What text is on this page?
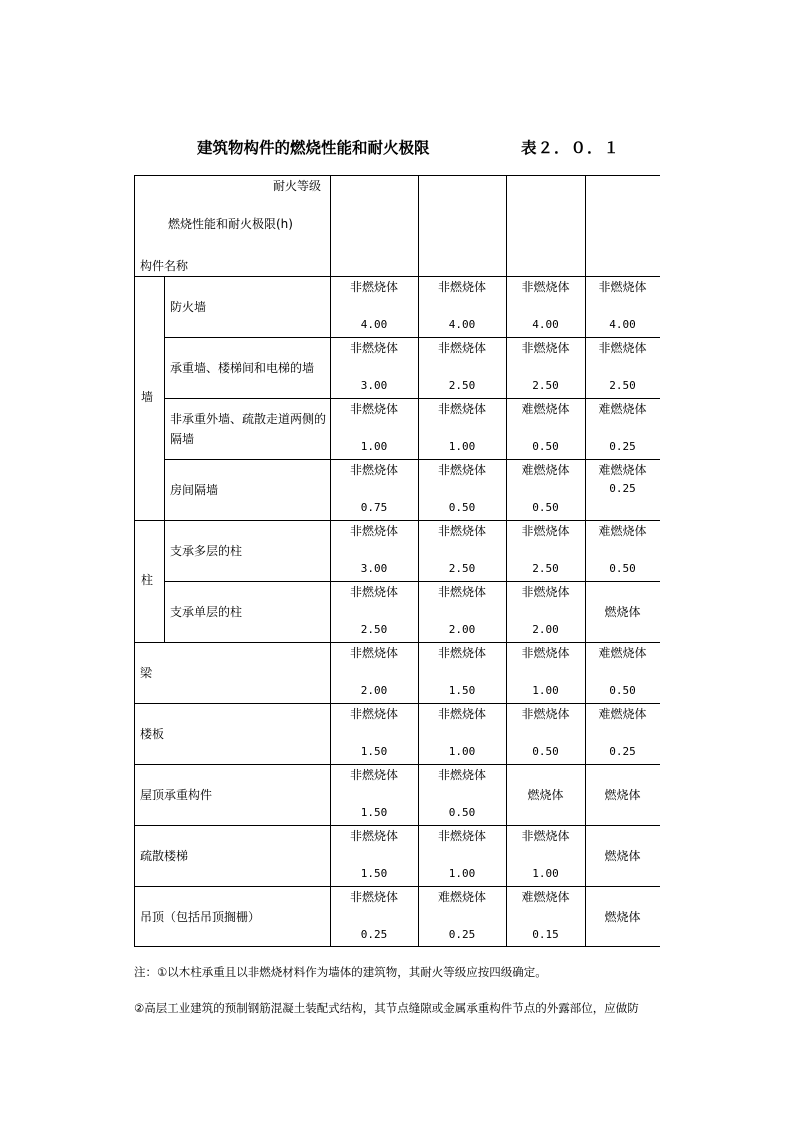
建筑物构件的燃烧性能和耐火极限	表２．０．１
耐火等级
燃烧性能和耐火极限(h)
构件名称
墙
柱
防火墙
非燃烧体
4.00
非燃烧体
4.00
非燃烧体
4.00
非燃烧体
4.00
承重墙、楼梯间和电梯的墙
非燃烧体
3.00
非燃烧体
2.50
非燃烧体
2.50
非燃烧体
2.50
非承重外墙、疏散走道两侧的
隔墙
非燃烧体
1.00
非燃烧体
1.00
难燃烧体
0.50
难燃烧体
0.25
房间隔墙
非燃烧体
0.75
非燃烧体
0.50
难燃烧体
0.50
难燃烧体
0.25
支承多层的柱
非燃烧体
3.00
非燃烧体
2.50
非燃烧体
2.50
难燃烧体
0.50
支承单层的柱
非燃烧体
2.50
非燃烧体
2.00
非燃烧体
2.00
燃烧体
梁
非燃烧体
2.00
非燃烧体
1.50
非燃烧体
1.00
难燃烧体
0.50
楼板
非燃烧体
1.50
非燃烧体
1.00
非燃烧体
0.50
难燃烧体
0.25
屋顶承重构件
非燃烧体
1.50
非燃烧体
0.50
燃烧体	燃烧体
疏散楼梯
非燃烧体
1.50
非燃烧体
1.00
非燃烧体
1.00
燃烧体
吊顶（包括吊顶搁栅）
非燃烧体
0.25
难燃烧体
0.25
难燃烧体
0.15
燃烧体
注：①以木柱承重且以非燃烧材料作为墙体的建筑物，其耐火等级应按四级确定。
②高层工业建筑的预制钢筋混凝土装配式结构，其节点缝隙或金属承重构件节点的外露部位，应做防
